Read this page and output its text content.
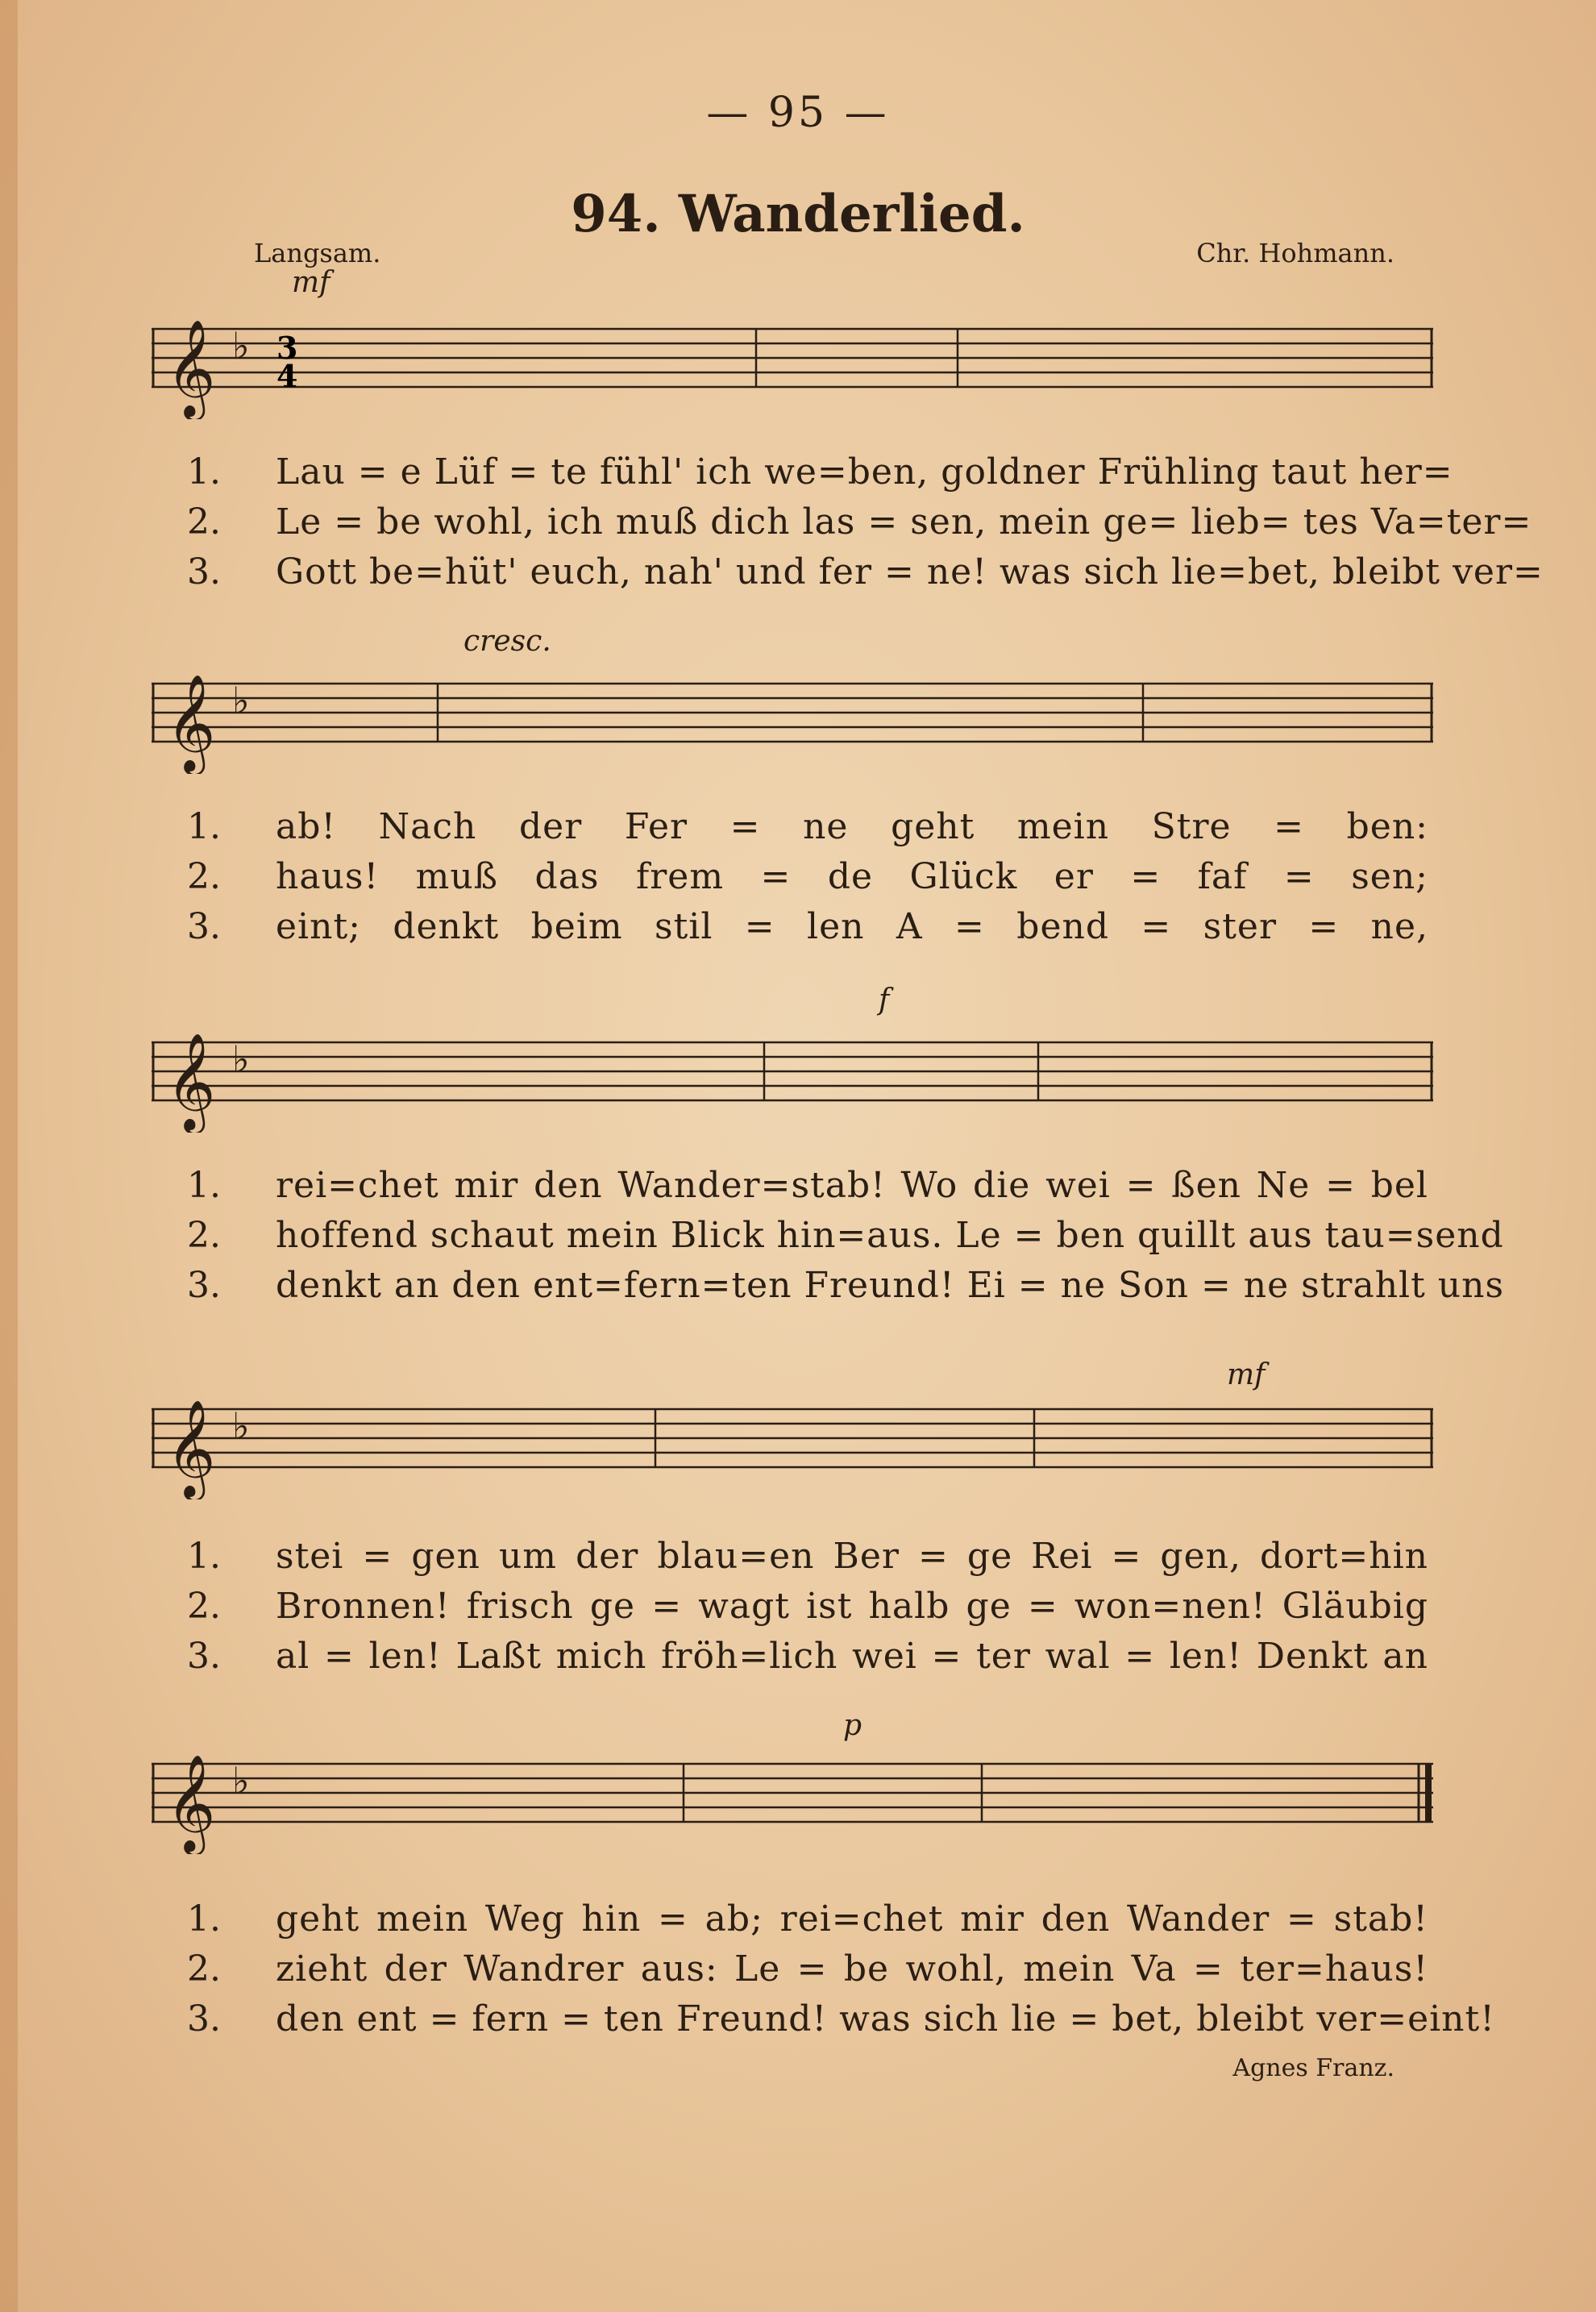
— 95 —
94. Wanderlied.
Langsam.	Chr. Hohmann.
mf
cresc.
f
mf
p
𝄞 ♭ 3
4
1.	Lau = e Lüf = te fühl' ich we=ben, goldner Frühling taut her=
2.	Le = be wohl, ich muß dich las = sen, mein ge= lieb= tes Va=ter=
3.	Gott be=hüt' euch, nah' und fer = ne! was sich lie=bet, bleibt ver=
𝄞 ♭
1.	ab! Nach der Fer = ne geht mein Stre = ben:
2.	haus! muß das frem = de Glück er = faf = sen;
3.	eint; denkt beim stil = len A = bend = ster = ne,
𝄞 ♭
1.	rei=chet mir den Wander=stab! Wo die wei = ßen Ne = bel
2.	hoffend schaut mein Blick hin=aus. Le = ben quillt aus tau=send
3.	denkt an den ent=fern=ten Freund! Ei = ne Son = ne strahlt uns
𝄞 ♭
1.	stei = gen um der blau=en Ber = ge Rei = gen, dort=hin
2.	Bronnen! frisch ge = wagt ist halb ge = won=nen! Gläubig
3.	al = len! Laßt mich fröh=lich wei = ter wal = len! Denkt an
𝄞 ♭
1.	geht mein Weg hin = ab; rei=chet mir den Wander = stab!
2.	zieht der Wandrer aus: Le = be wohl, mein Va = ter=haus!
3.	den ent = fern = ten Freund! was sich lie = bet, bleibt ver=eint!
Agnes Franz.
